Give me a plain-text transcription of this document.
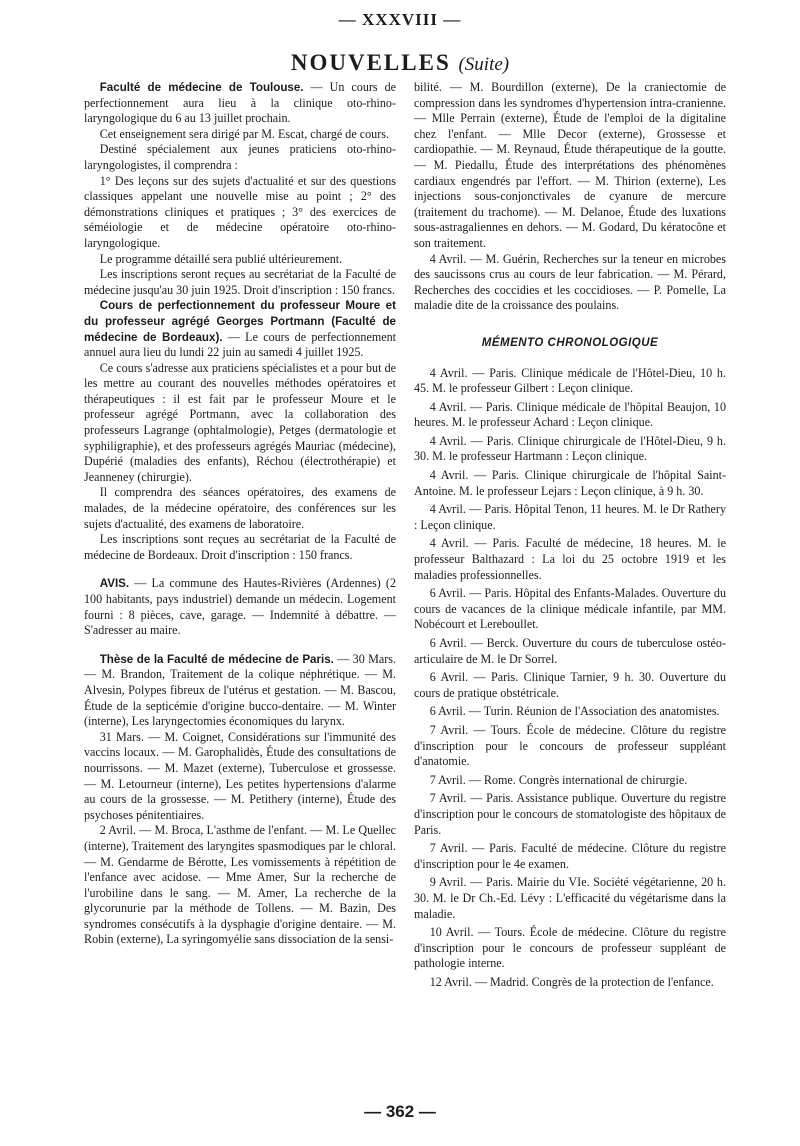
— XXXVIII —
NOUVELLES (Suite)

Faculté de médecine de Toulouse. — Un cours de perfectionnement aura lieu à la clinique oto-rhino-laryngologique du 6 au 13 juillet prochain.

Cet enseignement sera dirigé par M. Escat, chargé de cours.

Destiné spécialement aux jeunes praticiens oto-rhino-laryngologistes, il comprendra :

1° Des leçons sur des sujets d'actualité et sur des questions classiques appelant une nouvelle mise au point ; 2° des démonstrations cliniques et pratiques ; 3° des exercices de séméiologie et de médecine opératoire oto-rhino-laryngologique.

Le programme détaillé sera publié ultérieurement.

Les inscriptions seront reçues au secrétariat de la Faculté de médecine jusqu'au 30 juin 1925. Droit d'inscription : 150 francs.

Cours de perfectionnement du professeur Moure et du professeur agrégé Georges Portmann (Faculté de médecine de Bordeaux). — Le cours de perfectionnement annuel aura lieu du lundi 22 juin au samedi 4 juillet 1925.

Ce cours s'adresse aux praticiens spécialistes et a pour but de les mettre au courant des nouvelles méthodes opératoires et thérapeutiques : il est fait par le professeur Moure et le professeur agrégé Portmann, avec la collaboration des professeurs Lagrange (ophtalmologie), Petges (dermatologie et syphiligraphie), et des professeurs agrégés Mauriac (médecine), Dupérié (maladies des enfants), Réchou (électrothérapie) et Jeanneney (chirurgie).

Il comprendra des séances opératoires, des examens de malades, de la médecine opératoire, des conférences sur les sujets d'actualité, des examens de laboratoire.

Les inscriptions sont reçues au secrétariat de la Faculté de médecine de Bordeaux. Droit d'inscription : 150 francs.

AVIS. — La commune des Hautes-Rivières (Ardennes) (2 100 habitants, pays industriel) demande un médecin. Logement fourni : 8 pièces, cave, garage. — Indemnité à débattre. — S'adresser au maire.

Thèse de la Faculté de médecine de Paris. — 30 Mars. — M. Brandon, Traitement de la colique néphrétique. — M. Alvesin, Polypes fibreux de l'utérus et gestation. — M. Bascou, Étude de la septicémie d'origine bucco-dentaire. — M. Winter (interne), Les laryngectomies économiques du larynx.

31 Mars. — M. Coignet, Considérations sur l'immunité des vaccins locaux. — M. Garophalidès, Étude des consultations de nourrissons. — M. Mazet (externe), Tuberculose et grossesse. — M. Letourneur (interne), Les petites hypertensions d'alarme au cours de la grossesse. — M. Petithery (interne), Étude des psychoses pénitentiaires.

2 Avril. — M. Broca, L'asthme de l'enfant. — M. Le Quellec (interne), Traitement des laryngites spasmodiques par le chloral. — M. Gendarme de Bérotte, Les vomissements à répétition de l'enfance avec acidose. — Mme Amer, Sur la recherche de l'urobiline dans le sang. — M. Amer, La recherche de la glycorunurie par la méthode de Tollens. — M. Bazin, Des syndromes consécutifs à la dysphagie d'origine dentaire. — M. Robin (externe), La syringomyélie sans dissociation de la sensi-

bilité. — M. Bourdillon (externe), De la craniectomie de compression dans les syndromes d'hypertension intra-cranienne. — Mlle Perrain (externe), Étude de l'emploi de la digitaline chez l'enfant. — Mlle Decor (externe), Grossesse et cardiopathie. — M. Reynaud, Étude thérapeutique de la goutte. — M. Piedallu, Étude des interprétations des phénomènes cardiaux engendrés par l'effort. — M. Thirion (externe), Les injections sous-conjonctivales de cyanure de mercure (traitement du trachome). — M. Delanoe, Étude des luxations sous-astragaliennes en dehors. — M. Godard, Du kératocône et son traitement.

4 Avril. — M. Guérin, Recherches sur la teneur en microbes des saucissons crus au cours de leur fabrication. — M. Pérard, Recherches des coccidies et les coccidioses. — P. Pomelle, La maladie dite de la croissance des poulains.

MÉMENTO CHRONOLOGIQUE

4 Avril. — Paris. Clinique médicale de l'Hôtel-Dieu, 10 h. 45. M. le professeur Gilbert : Leçon clinique.

4 Avril. — Paris. Clinique médicale de l'hôpital Beaujon, 10 heures. M. le professeur Achard : Leçon clinique.

4 Avril. — Paris. Clinique chirurgicale de l'Hôtel-Dieu, 9 h. 30. M. le professeur Hartmann : Leçon clinique.

4 Avril. — Paris. Clinique chirurgicale de l'hôpital Saint-Antoine. M. le professeur Lejars : Leçon clinique, à 9 h. 30.

4 Avril. — Paris. Hôpital Tenon, 11 heures. M. le Dr Rathery : Leçon clinique.

4 Avril. — Paris. Faculté de médecine, 18 heures. M. le professeur Balthazard : La loi du 25 octobre 1919 et les maladies professionnelles.

6 Avril. — Paris. Hôpital des Enfants-Malades. Ouverture du cours de vacances de la clinique médicale infantile, par MM. Nobécourt et Lereboullet.

6 Avril. — Berck. Ouverture du cours de tuberculose ostéo-articulaire de M. le Dr Sorrel.

6 Avril. — Paris. Clinique Tarnier, 9 h. 30. Ouverture du cours de pratique obstétricale.

6 Avril. — Turin. Réunion de l'Association des anatomistes.

7 Avril. — Tours. École de médecine. Clôture du registre d'inscription pour le concours de professeur suppléant d'anatomie.

7 Avril. — Rome. Congrès international de chirurgie.

7 Avril. — Paris. Assistance publique. Ouverture du registre d'inscription pour le concours de stomatologiste des hôpitaux de Paris.

7 Avril. — Paris. Faculté de médecine. Clôture du registre d'inscription pour le 4e examen.

9 Avril. — Paris. Mairie du VIe. Société végétarienne, 20 h. 30. M. le Dr Ch.-Ed. Lévy : L'efficacité du végétarisme dans la maladie.

10 Avril. — Tours. École de médecine. Clôture du registre d'inscription pour le concours de professeur suppléant de pathologie interne.

12 Avril. — Madrid. Congrès de la protection de l'enfance.

— 362 —
